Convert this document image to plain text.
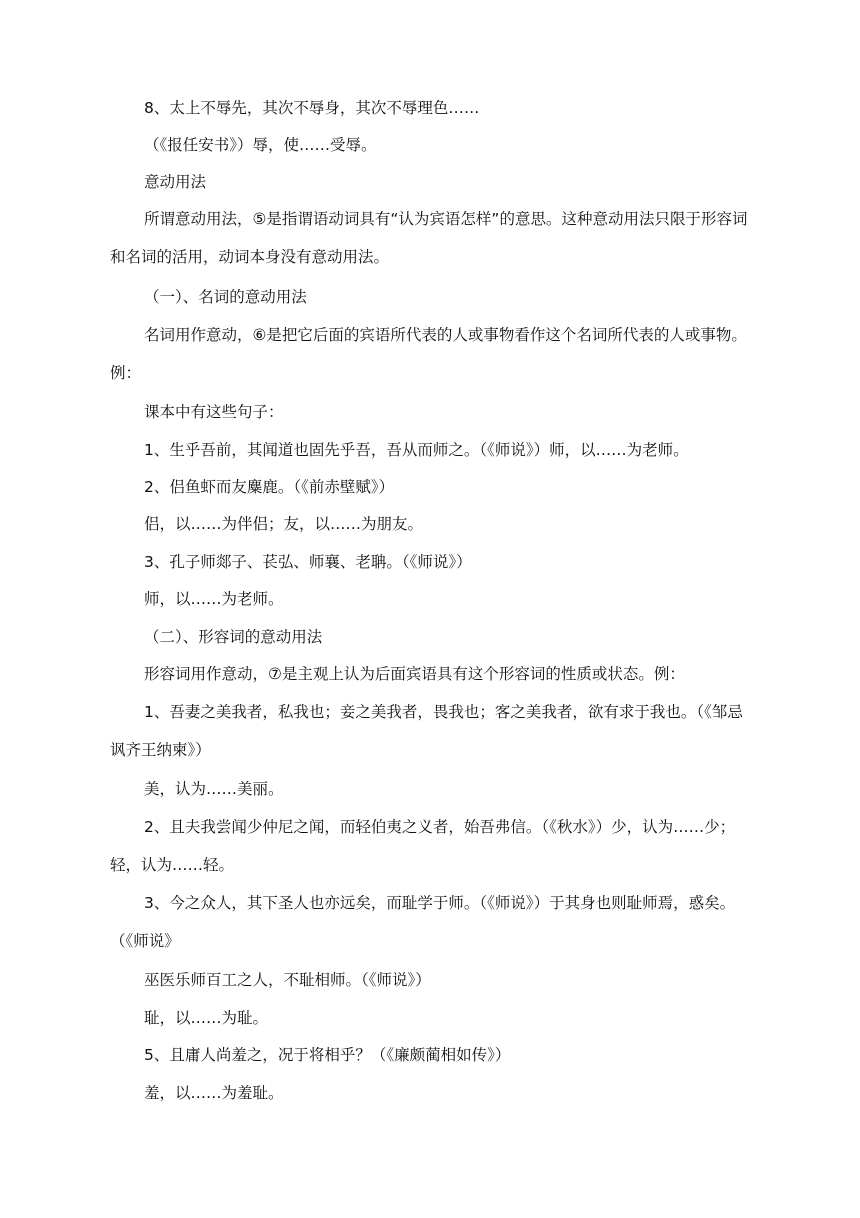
8、太上不辱先，其次不辱身，其次不辱理色……

（《报任安书》）辱，使……受辱。

意动用法

所谓意动用法，⑤是指谓语动词具有“认为宾语怎样”的意思。这种意动用法只限于形容词和名词的活用，动词本身没有意动用法。

（一）、名词的意动用法

名词用作意动，⑥是把它后面的宾语所代表的人或事物看作这个名词所代表的人或事物。例：

课本中有这些句子：

1、生乎吾前，其闻道也固先乎吾，吾从而师之。（《师说》）师，以……为老师。

2、侣鱼虾而友麋鹿。（《前赤壁赋》）

侣，以……为伴侣；友，以……为朋友。

3、孔子师郯子、苌弘、师襄、老聃。（《师说》）

师，以……为老师。

（二）、形容词的意动用法

形容词用作意动，⑦是主观上认为后面宾语具有这个形容词的性质或状态。例：

1、吾妻之美我者，私我也；妾之美我者，畏我也；客之美我者，欲有求于我也。（《邹忌讽齐王纳柬》）

美，认为……美丽。

2、且夫我尝闻少仲尼之闻，而轻伯夷之义者，始吾弗信。（《秋水》）少，认为……少；轻，认为……轻。

3、今之众人，其下圣人也亦远矣，而耻学于师。（《师说》）于其身也则耻师焉，惑矣。（《师说》

巫医乐师百工之人，不耻相师。（《师说》）

耻，以……为耻。

5、且庸人尚羞之，况于将相乎？（《廉颇蔺相如传》）

羞，以……为羞耻。
